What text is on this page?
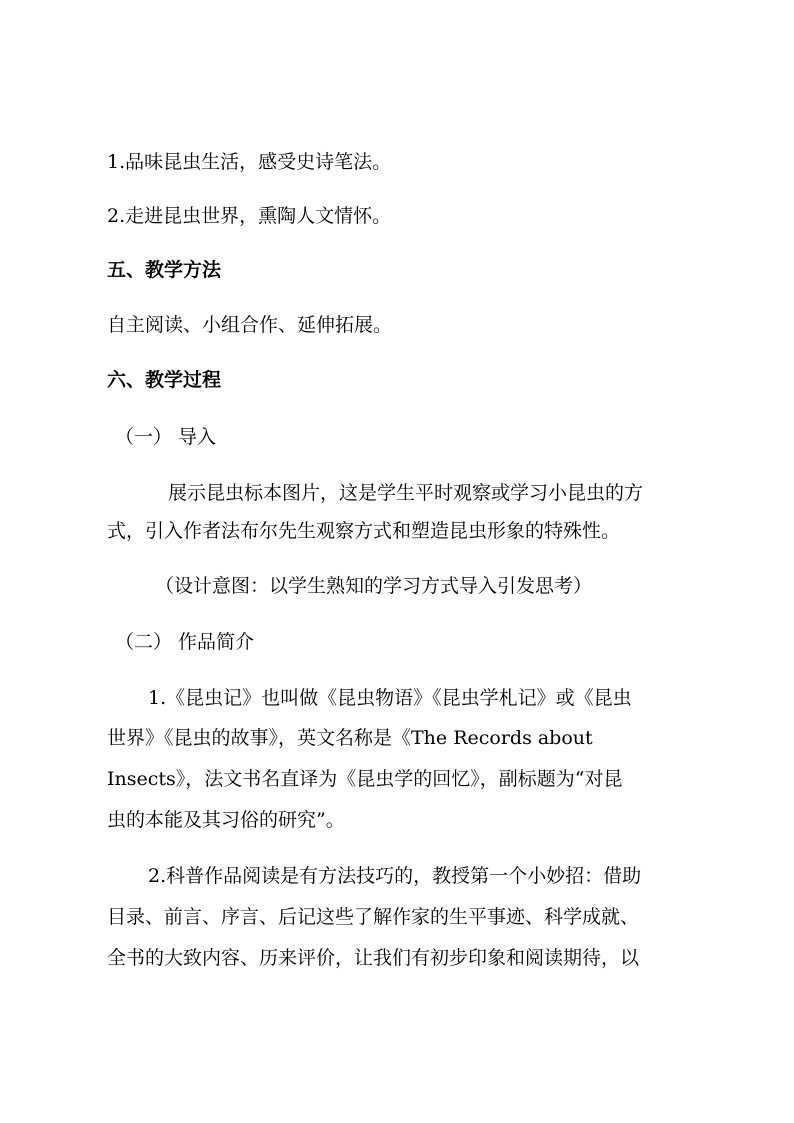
1.品味昆虫生活，感受史诗笔法。
2.走进昆虫世界，熏陶人文情怀。
五、教学方法
自主阅读、小组合作、延伸拓展。
六、教学过程
（一） 导入
展示昆虫标本图片，这是学生平时观察或学习小昆虫的方
式，引入作者法布尔先生观察方式和塑造昆虫形象的特殊性。
（设计意图：以学生熟知的学习方式导入引发思考）
（二） 作品简介
1.《昆虫记》也叫做《昆虫物语》《昆虫学札记》或《昆虫
世界》《昆虫的故事》，英文名称是《The Records about
Insects》，法文书名直译为《昆虫学的回忆》，副标题为“对昆
虫的本能及其习俗的研究”。
2.科普作品阅读是有方法技巧的，教授第一个小妙招：借助
目录、前言、序言、后记这些了解作家的生平事迹、科学成就、
全书的大致内容、历来评价，让我们有初步印象和阅读期待，以
